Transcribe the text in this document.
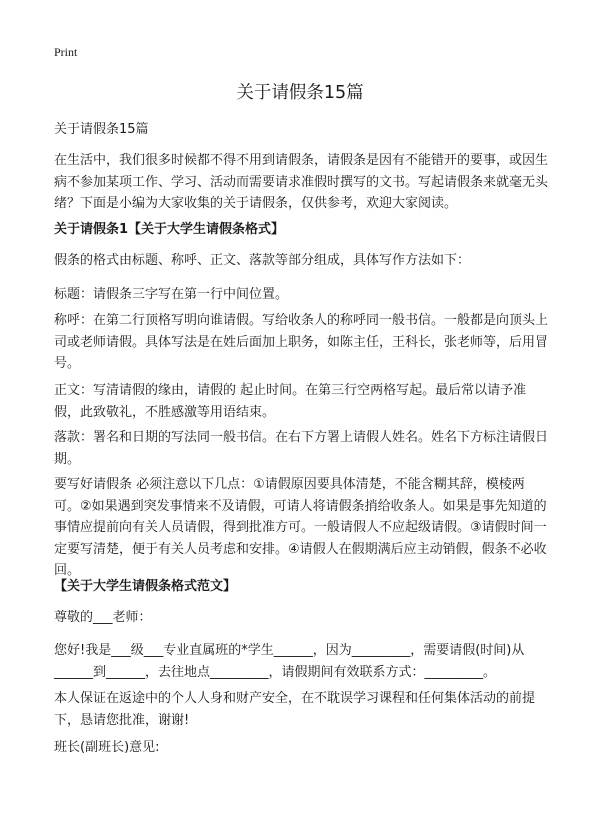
Print
关于请假条15篇
关于请假条15篇
在生活中，我们很多时候都不得不用到请假条，请假条是因有不能错开的要事，或因生病不参加某项工作、学习、活动而需要请求准假时撰写的文书。写起请假条来就毫无头绪？下面是小编为大家收集的关于请假条，仅供参考，欢迎大家阅读。
关于请假条1【关于大学生请假条格式】
假条的格式由标题、称呼、正文、落款等部分组成，具体写作方法如下：
标题：请假条三字写在第一行中间位置。
称呼：在第二行顶格写明向谁请假。写给收条人的称呼同一般书信。一般都是向顶头上司或老师请假。具体写法是在姓后面加上职务，如陈主任，王科长，张老师等，后用冒号。
正文：写清请假的缘由，请假的 起止时间。在第三行空两格写起。最后常以请予准假，此致敬礼，不胜感激等用语结束。
落款：署名和日期的写法同一般书信。在右下方署上请假人姓名。姓名下方标注请假日期。
要写好请假条 必须注意以下几点：①请假原因要具体清楚，不能含糊其辞，模棱两可。②如果遇到突发事情来不及请假，可请人将请假条捎给收条人。如果是事先知道的事情应提前向有关人员请假，得到批准方可。一般请假人不应起级请假。③请假时间一定要写清楚，便于有关人员考虑和安排。④请假人在假期满后应主动销假，假条不必收回。
【关于大学生请假条格式范文】
尊敬的___老师：
您好!我是___级___专业直属班的*学生______，因为_________，需要请假(时间)从______到______，去往地点_________，请假期间有效联系方式：_________。
本人保证在返途中的个人人身和财产安全，在不耽误学习课程和任何集体活动的前提下，恳请您批准，谢谢!
班长(副班长)意见:
